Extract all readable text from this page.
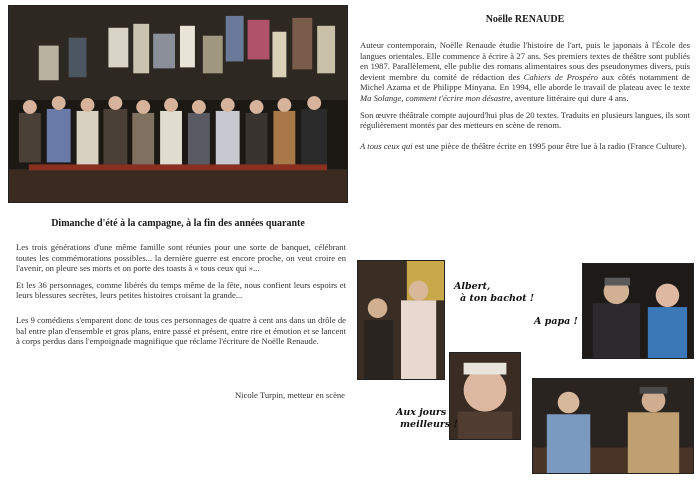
Dimanche d'été à la campagne, à la fin des années quarante

Les trois générations d'une même famille sont réunies pour une sorte de banquet, célébrant toutes les commémorations possibles... la dernière guerre est encore proche, on veut croire en l'avenir, on pleure ses morts et on porte des toasts à « tous ceux qui »...

Et les 36 personnages, comme libérés du temps même de la fête, nous confient leurs espoirs et leurs blessures secrètes, leurs petites histoires croisant la grande...

Les 9 comédiens s'emparent donc de tous ces personnages de quatre à cent ans dans un drôle de bal entre plan d'ensemble et gros plans, entre passé et présent, entre rire et émotion et se lancent à corps perdus dans l'empoignade magnifique que réclame l'écriture de Noëlle Renaude.

Nicole Turpin, metteur en scène
Noëlle RENAUDE

Auteur contemporain, Noëlle Renaude étudie l'histoire de l'art, puis le japonais à l'École des langues orientales. Elle commence à écrire à 27 ans. Ses premiers textes de théâtre sont publiés en 1987. Parallèlement, elle publie des romans alimentaires sous des pseudonymes divers, puis devient membre du comité de rédaction des Cahiers de Prospéro aux côtés notamment de Michel Azama et de Philippe Minyana. En 1994, elle aborde le travail de plateau avec le texte Ma Solange, comment t'écrire mon désastre, aventure littéraire qui dure 4 ans.

Son œuvre théâtrale compte aujourd'hui plus de 20 textes. Traduits en plusieurs langues, ils sont régulièrement montés par des metteurs en scène de renom.

A tous ceux qui est une pièce de théâtre écrite en 1995 pour être lue à la radio (France Culture).

Albert,
à ton bachot !
A papa !
Aux jours
meilleurs !
